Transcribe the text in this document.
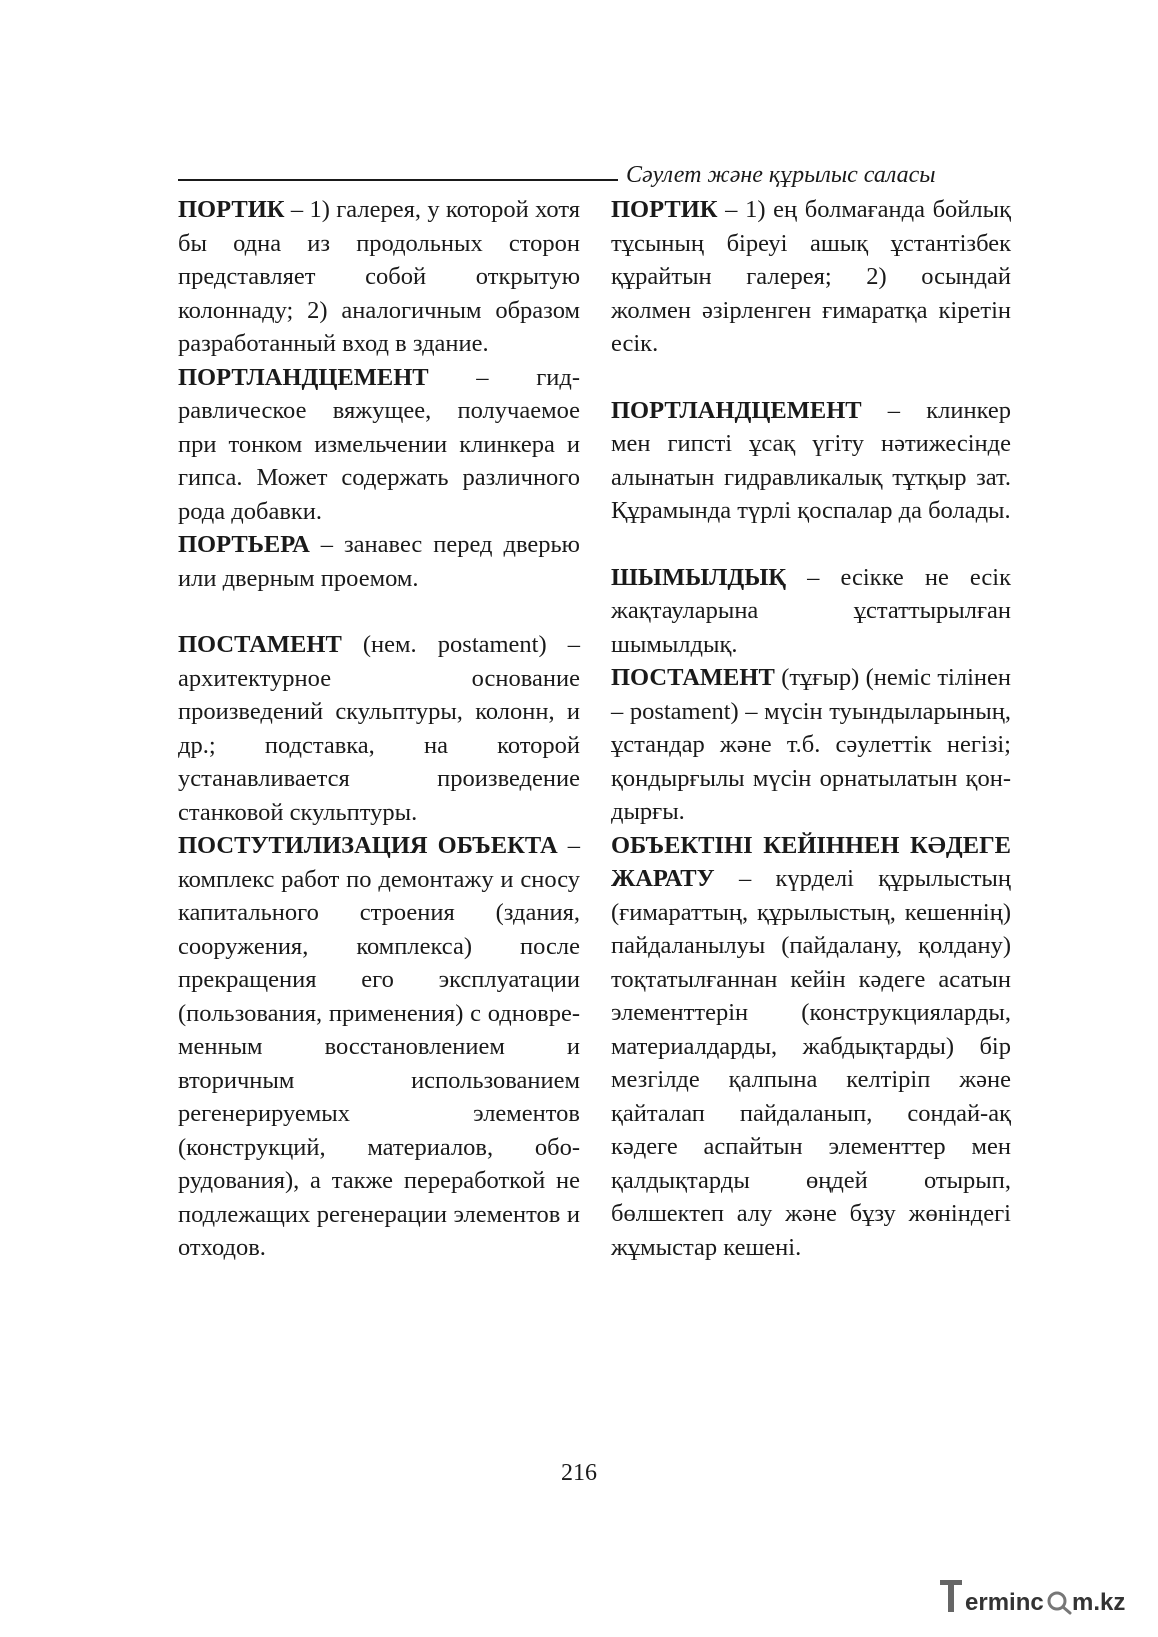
Сәулет және құрылыс саласы

ПОРТИК – 1) галерея, у которой хотя бы одна из продольных сторон представляет собой открытую колоннаду; 2) аналогичным образом разработанный вход в здание.

ПОРТЛАНДЦЕМЕНТ – гидравлическое вяжущее, получаемое при тонком измельчении клинкера и гипса. Может содержать различного рода добавки.

ПОРТЬЕРА – занавес перед дверью или дверным проемом.

ПОСТАМЕНТ (нем. postament) – архитектурное основание произведений скульптуры, колонн, и др.; подставка, на которой устанавливается произведение станковой скульптуры.

ПОСТУТИЛИЗАЦИЯ ОБЪЕКТА – комплекс работ по демонтажу и сносу капитального строения (здания, сооружения, комплекса) после прекращения его эксплуатации (пользования, применения) с одновременным восстановлением и вторичным использованием регенерируемых элементов (конструкций, материалов, оборудования), а также переработкой не подлежащих регенерации элементов и отходов.

ПОРТИК – 1) ең болмағанда бойлық тұсының біреуі ашық ұстантізбек құрайтын галерея; 2) осындай жолмен әзірленген ғимаратқа кіретін есік.

ПОРТЛАНДЦЕМЕНТ – клинкер мен гипсті ұсақ үгіту нәтижесінде алынатын гидравликалық тұтқыр зат. Құрамында түрлі қоспалар да болады.

ШЫМЫЛДЫҚ – есікке не есік жақтауларына ұстаттырылған шымылдық.

ПОСТАМЕНТ (тұғыр) (неміс тілінен – postament) – мүсін туындыларының, ұстандар және т.б. сәулеттік негізі; қондырғылы мүсін орнатылатын қондырғы.

ОБЪЕКТІНІ КЕЙІННЕН КӘДЕГЕ ЖАРАТУ – күрделі құрылыстың (ғимараттың, құрылыстың, кешеннің) пайдаланылуы (пайдалану, қолдану) тоқтатылғаннан кейін кәдеге асатын элементтерін (конструкцияларды, материалдарды, жабдықтарды) бір мезгілде қалпына келтіріп және қайталап пайдаланып, сондай-ақ кәдеге аспайтын элементтер мен қалдықтарды өңдей отырып, бөлшектеп алу және бұзу жөніндегі жұмыстар кешені.

216
erminc m.kz
